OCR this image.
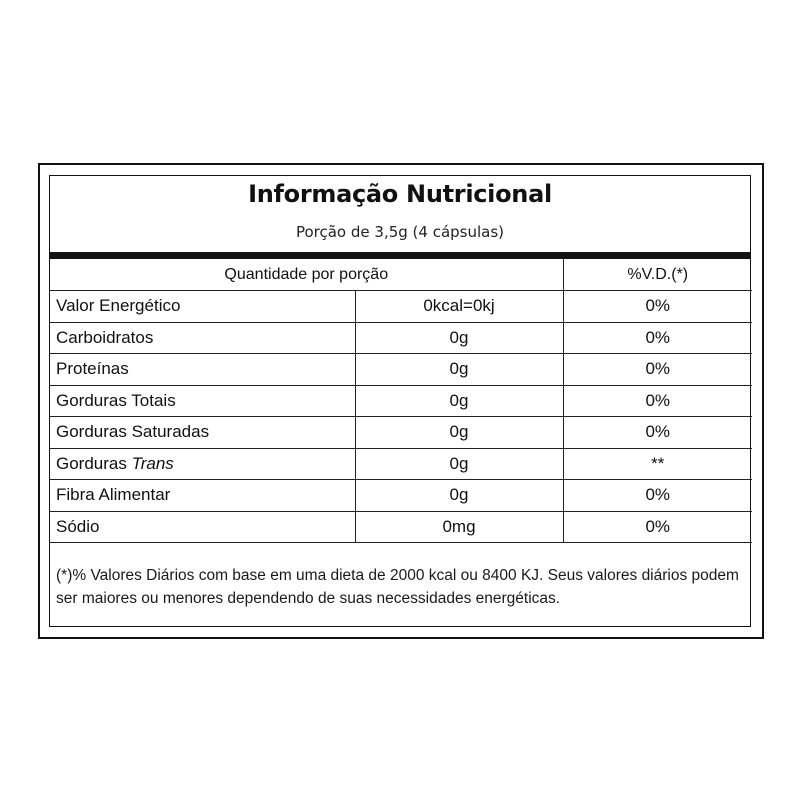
Informação Nutricional
Porção de 3,5g (4 cápsulas)
Quantidade por porção		%V.D.(*)
Valor Energético	0kcal=0kj	0%
Carboidratos	0g	0%
Proteínas	0g	0%
Gorduras Totais	0g	0%
Gorduras Saturadas	0g	0%
Gorduras Trans	0g	**
Fibra Alimentar	0g	0%
Sódio	0mg	0%
(*)% Valores Diários com base em uma dieta de 2000 kcal ou 8400 KJ. Seus valores diários podem ser maiores ou menores dependendo de suas necessidades energéticas.
